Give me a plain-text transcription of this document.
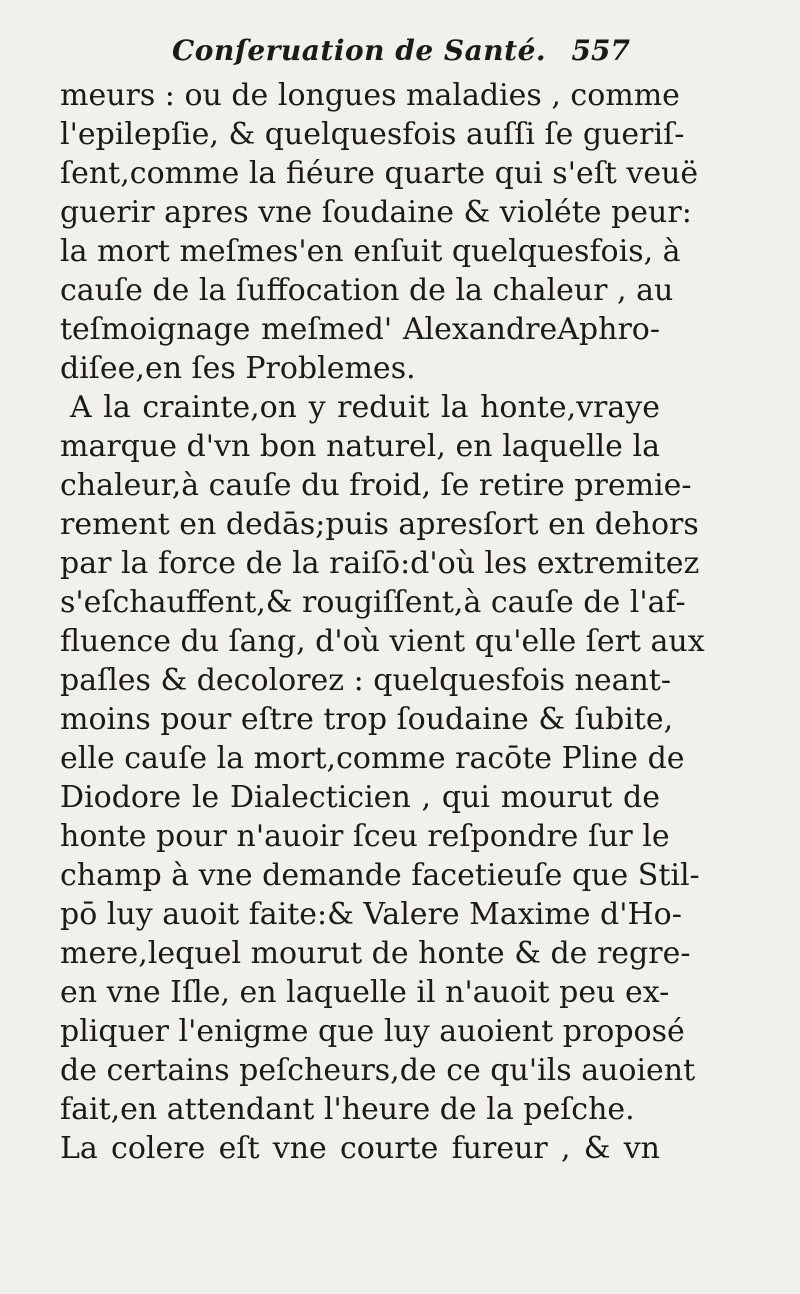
Conſeruation de Santé. 557
meurs : ou de longues maladies , comme
l'epilepſie, & quelquesfois auſſi ſe gueriſ-
ſent,comme la fiéure quarte qui s'eſt veuë
guerir apres vne ſoudaine & violéte peur:
la mort meſmes'en enſuit quelquesfois, à
cauſe de la ſuffocation de la chaleur , au
teſmoignage meſmed' AlexandreAphro-
diſee,en ſes Problemes.
A la crainte,on y reduit la honte,vraye
marque d'vn bon naturel, en laquelle la
chaleur,à cauſe du froid, ſe retire premie-
rement en dedās;puis apresſort en dehors
par la force de la raiſō:d'où les extremitez
s'eſchauffent,& rougiſſent,à cauſe de l'af-
fluence du ſang, d'où vient qu'elle ſert aux
paſles & decolorez : quelquesfois neant-
moins pour eſtre trop ſoudaine & ſubite,
elle cauſe la mort,comme racōte Pline de
Diodore le Dialecticien , qui mourut de
honte pour n'auoir ſceu reſpondre ſur le
champ à vne demande facetieuſe que Stil-
pō luy auoit faite:& Valere Maxime d'Ho-
mere,lequel mourut de honte & de regre-
en vne Iſle, en laquelle il n'auoit peu ex-
pliquer l'enigme que luy auoient proposé
de certains peſcheurs,de ce qu'ils auoient
fait,en attendant l'heure de la peſche.
La colere eſt vne courte fureur , & vn
